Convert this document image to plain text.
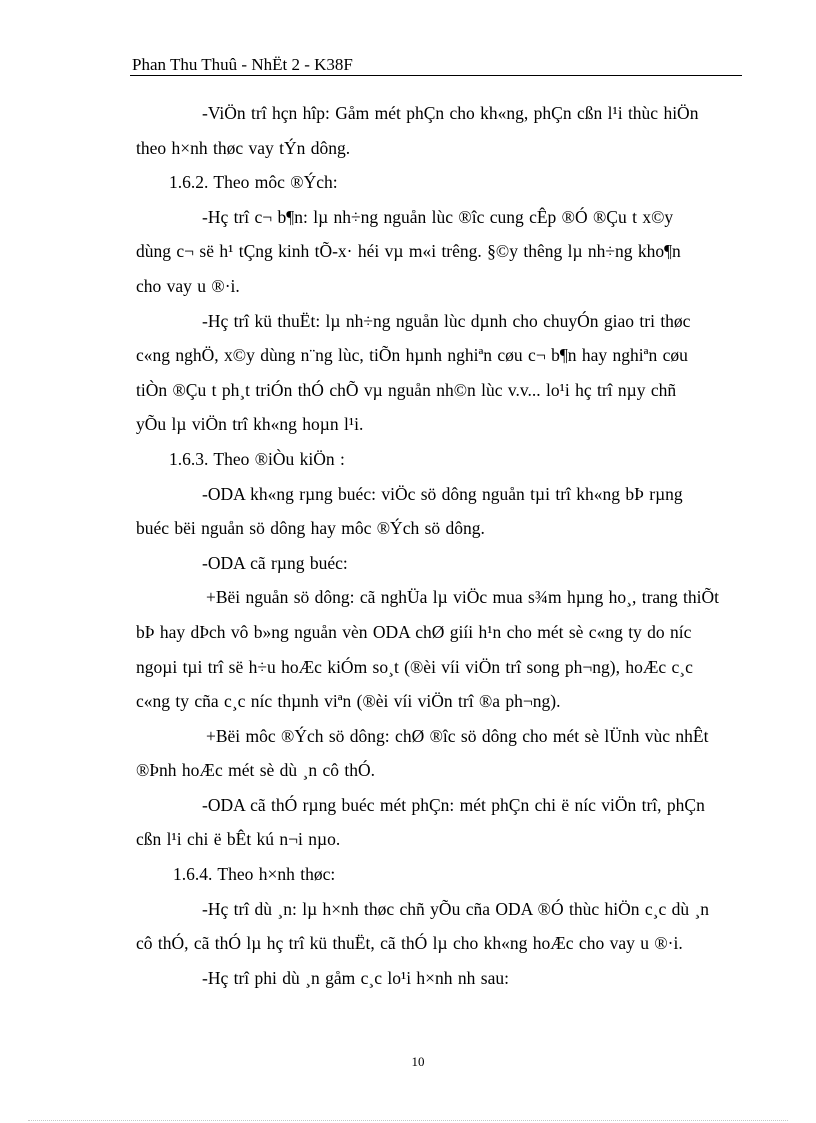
Phan Thu Thuû - NhËt 2 - K38F
-ViÖn trî hçn hîp: Gåm mét phÇn cho kh«ng, phÇn cßn l¹i thùc hiÖn
theo h×nh thøc vay tÝn dông.
1.6.2. Theo môc ®Ých:
-Hç trî c¬ b¶n: lµ nh÷ng nguån lùc ®îc cung cÊp ®Ó ®Çu t x©y
dùng c¬ së h¹ tÇng kinh tÕ-x· héi vµ m«i trêng. §©y thêng lµ nh÷ng kho¶n
cho vay u ®·i.
-Hç trî kü thuËt: lµ nh÷ng nguån lùc dµnh cho chuyÓn giao tri thøc
c«ng nghÖ, x©y dùng n¨ng lùc, tiÕn hµnh nghiªn cøu c¬ b¶n hay nghiªn cøu
tiÒn ®Çu t ph¸t triÓn thÓ chÕ vµ nguån nh©n lùc v.v... lo¹i hç trî nµy chñ
yÕu lµ viÖn trî kh«ng hoµn l¹i.
1.6.3. Theo ®iÒu kiÖn :
-ODA kh«ng rµng buéc: viÖc sö dông nguån tµi trî kh«ng bÞ rµng
buéc bëi nguån sö dông hay môc ®Ých sö dông.
-ODA cã rµng buéc:
+Bëi nguån sö dông: cã nghÜa lµ viÖc mua s¾m hµng ho¸, trang thiÕt
bÞ hay dÞch vô b»ng nguån vèn ODA chØ giíi h¹n cho mét sè c«ng ty do níc
ngoµi tµi trî së h÷u hoÆc kiÓm so¸t (®èi víi viÖn trî song ph¬ng), hoÆc c¸c
c«ng ty cña c¸c níc thµnh viªn (®èi víi viÖn trî ®a ph¬ng).
+Bëi môc ®Ých sö dông: chØ ®îc sö dông cho mét sè lÜnh vùc nhÊt
®Þnh hoÆc mét sè dù ¸n cô thÓ.
-ODA cã thÓ rµng buéc mét phÇn: mét phÇn chi ë níc viÖn trî, phÇn
cßn l¹i chi ë bÊt kú n¬i nµo.
1.6.4. Theo h×nh thøc:
-Hç trî dù ¸n: lµ h×nh thøc chñ yÕu cña ODA ®Ó thùc hiÖn c¸c dù ¸n
cô thÓ, cã thÓ lµ hç trî kü thuËt, cã thÓ lµ cho kh«ng hoÆc cho vay u ®·i.
-Hç trî phi dù ¸n gåm c¸c lo¹i h×nh nh sau:
10
